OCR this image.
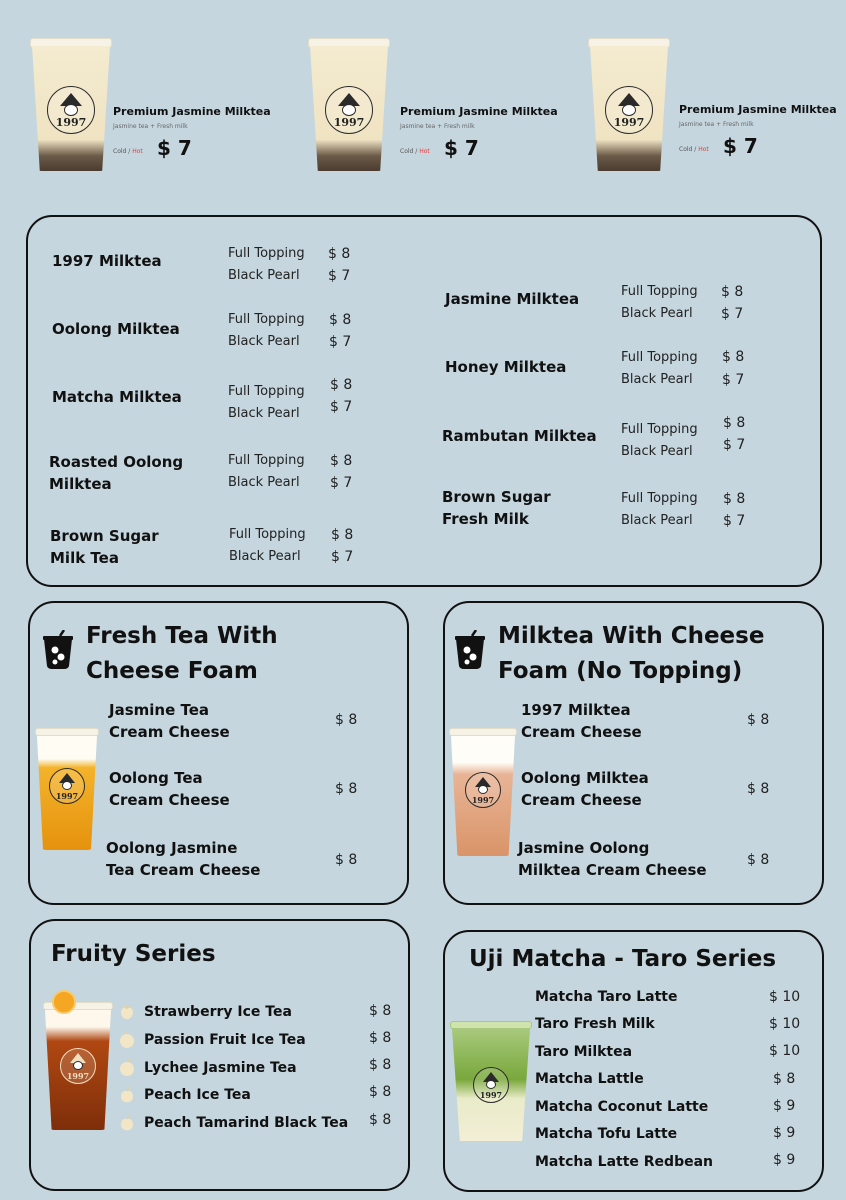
1997
Premium Jasmine Milktea
Jasmine tea + Fresh milk
Cold / Hot $ 7
1997
Premium Jasmine Milktea
Jasmine tea + Fresh milk
Cold / Hot $ 7
1997
Premium Jasmine Milktea
Jasmine tea + Fresh milk
Cold / Hot $ 7
1997 Milktea	Full Topping $ 8
Black Pearl $ 7
Oolong Milktea
Full Topping $ 8
Black Pearl $ 7
Matcha Milktea	Full Topping $ 8
Black Pearl $ 7
Roasted Oolong
Milktea
Full Topping $ 8
Black Pearl $ 7
Brown Sugar
Milk Tea
Full Topping $ 8
Black Pearl $ 7
Jasmine Milktea	Full Topping $ 8
Black Pearl $ 7
Honey Milktea
Full Topping $ 8
Black Pearl $ 7
Rambutan Milktea Full Topping $ 8
Black Pearl $ 7
Brown Sugar
Fresh Milk
Full Topping $ 8
Black Pearl $ 7
Fresh Tea With
Cheese Foam
1997
Jasmine Tea
Cream Cheese
$ 8
Oolong Tea
Cream Cheese
$ 8
Oolong Jasmine
Tea Cream Cheese
$ 8
Milktea With Cheese
Foam (No Topping)
1997
1997 Milktea
Cream Cheese
$ 8
Oolong Milktea
Cream Cheese
$ 8
Jasmine Oolong
Milktea Cream Cheese
$ 8
Fruity Series
1997
Strawberry Ice Tea	$ 8
Passion Fruit Ice Tea	$ 8
Lychee Jasmine Tea	$ 8
Peach Ice Tea	$ 8
Peach Tamarind Black Tea $ 8
Uji Matcha - Taro Series
1997
Matcha Taro Latte	$ 10
Taro Fresh Milk	$ 10
Taro Milktea	$ 10
Matcha Lattle	$ 8
Matcha Coconut Latte	$ 9
Matcha Tofu Latte	$ 9
Matcha Latte Redbean	$ 9
